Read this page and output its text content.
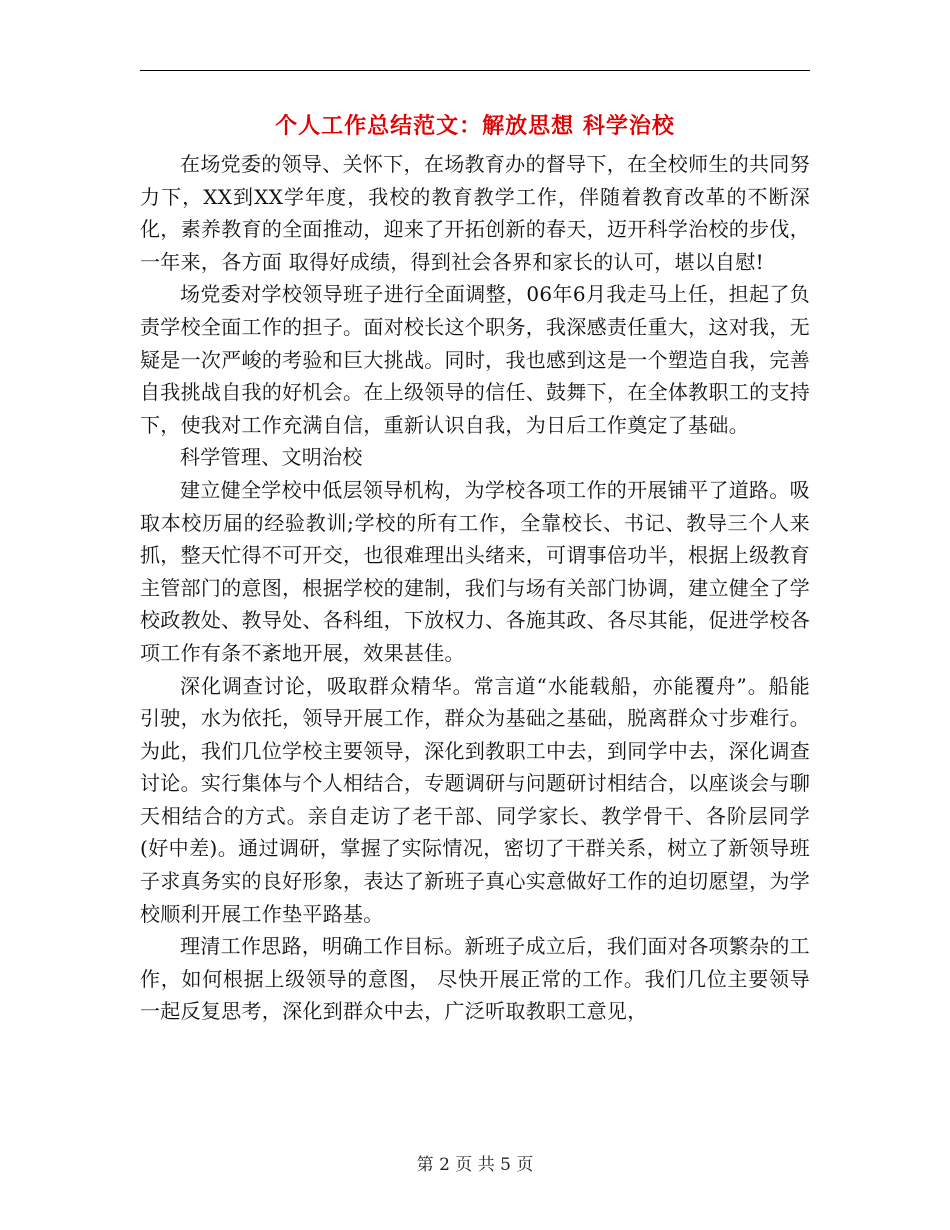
个人工作总结范文：解放思想 科学治校

在场党委的领导、关怀下，在场教育办的督导下，在全校师生的共同努力下，XX到XX学年度，我校的教育教学工作，伴随着教育改革的不断深化，素养教育的全面推动，迎来了开拓创新的春天，迈开科学治校的步伐，一年来，各方面 取得好成绩，得到社会各界和家长的认可，堪以自慰!

场党委对学校领导班子进行全面调整，06年6月我走马上任，担起了负责学校全面工作的担子。面对校长这个职务，我深感责任重大，这对我，无疑是一次严峻的考验和巨大挑战。同时，我也感到这是一个塑造自我，完善自我挑战自我的好机会。在上级领导的信任、鼓舞下，在全体教职工的支持下，使我对工作充满自信，重新认识自我，为日后工作奠定了基础。

科学管理、文明治校

建立健全学校中低层领导机构，为学校各项工作的开展铺平了道路。吸取本校历届的经验教训;学校的所有工作，全靠校长、书记、教导三个人来抓，整天忙得不可开交，也很难理出头绪来，可谓事倍功半，根据上级教育主管部门的意图，根据学校的建制，我们与场有关部门协调，建立健全了学校政教处、教导处、各科组，下放权力、各施其政、各尽其能，促进学校各项工作有条不紊地开展，效果甚佳。

深化调查讨论，吸取群众精华。常言道“水能载船，亦能覆舟”。船能引驶，水为依托，领导开展工作，群众为基础之基础，脱离群众寸步难行。为此，我们几位学校主要领导，深化到教职工中去，到同学中去，深化调查讨论。实行集体与个人相结合，专题调研与问题研讨相结合，以座谈会与聊天相结合的方式。亲自走访了老干部、同学家长、教学骨干、各阶层同学(好中差)。通过调研，掌握了实际情况，密切了干群关系，树立了新领导班子求真务实的良好形象，表达了新班子真心实意做好工作的迫切愿望，为学校顺利开展工作垫平路基。

理清工作思路，明确工作目标。新班子成立后，我们面对各项繁杂的工作，如何根据上级领导的意图， 尽快开展正常的工作。我们几位主要领导一起反复思考，深化到群众中去，广泛听取教职工意见，

第 2 页 共 5 页
